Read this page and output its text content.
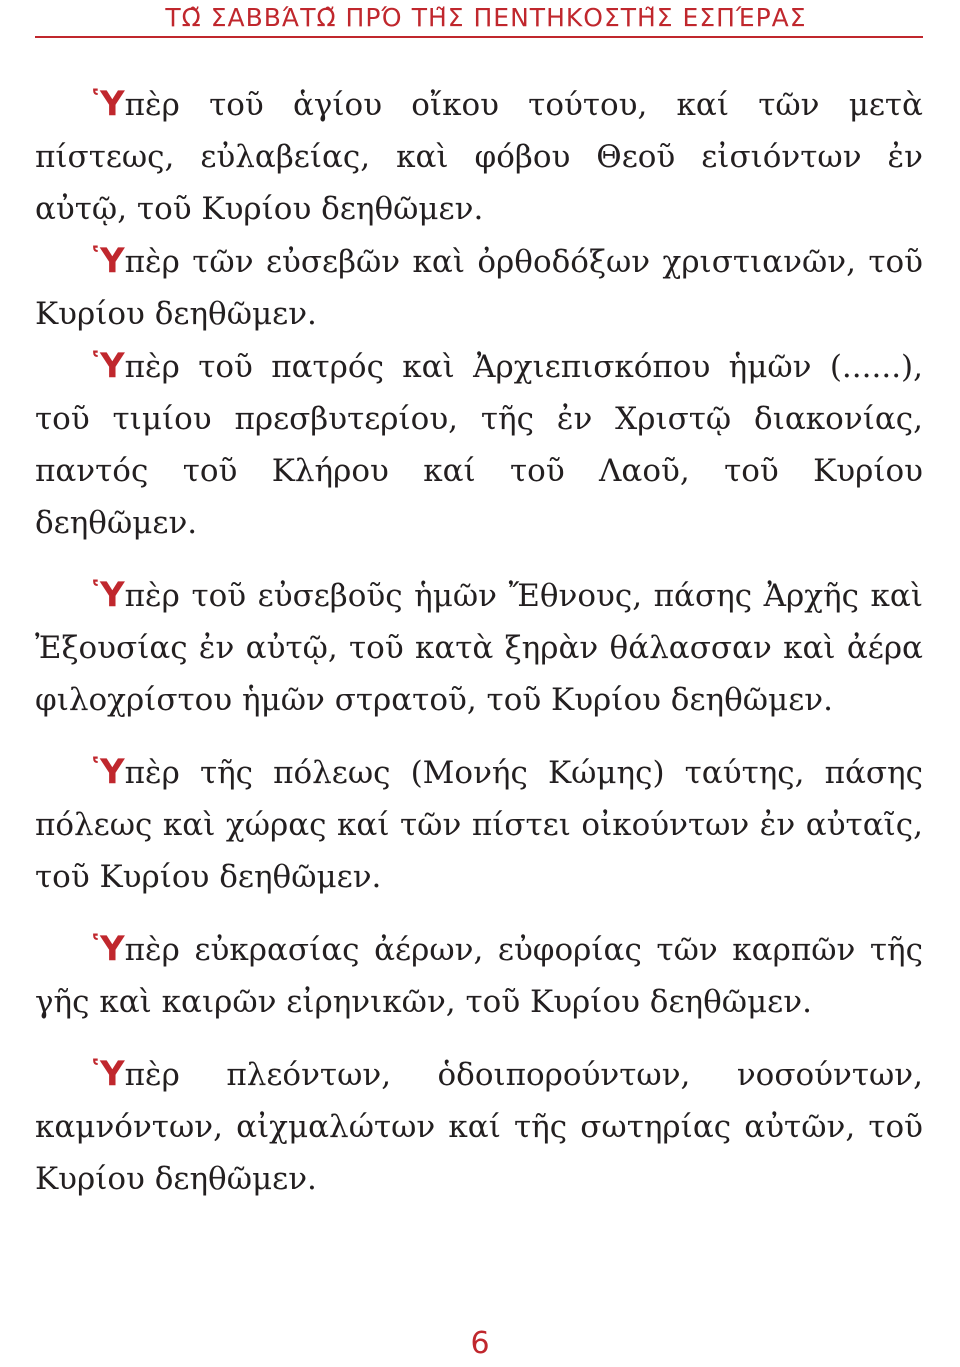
ΤΩ͂ ΣΑΒΒΆΤΩ͂ ΠΡΌ ΤΗ͂Σ ΠΕΝΤΗΚΟΣΤΗ͂Σ ΕΣΠΈΡΑΣ

Ὑπὲρ τοῦ ἁγίου οἴκου τούτου, καί τῶν μετὰ πίστεως, εὐλαβείας, καὶ φόβου Θεοῦ εἰσιόντων ἐν αὐτῷ, τοῦ Κυρίου δεηθῶμεν.

Ὑπὲρ τῶν εὐσεβῶν καὶ ὀρθοδόξων χριστιανῶν, τοῦ Κυρίου δεηθῶμεν.

Ὑπὲρ τοῦ πατρός καὶ Ἀρχιεπισκόπου ἡμῶν (......), τοῦ τιμίου πρεσβυτερίου, τῆς ἐν Χριστῷ διακονίας, παντός τοῦ Κλήρου καί τοῦ Λαοῦ, τοῦ Κυρίου δεηθῶμεν.

Ὑπὲρ τοῦ εὐσεβοῦς ἡμῶν Ἔθνους, πάσης Ἀρχῆς καὶ Ἐξουσίας ἐν αὐτῷ, τοῦ κατὰ ξηρὰν θάλασσαν καὶ ἀέρα φιλοχρίστου ἡμῶν στρατοῦ, τοῦ Κυρίου δεηθῶμεν.

Ὑπὲρ τῆς πόλεως (Μονής Κώμης) ταύτης, πάσης πόλεως καὶ χώρας καί τῶν πίστει οἰκούντων ἐν αὐταῖς, τοῦ Κυρίου δεηθῶμεν.

Ὑπὲρ εὐκρασίας ἀέρων, εὐφορίας τῶν καρπῶν τῆς γῆς καὶ καιρῶν εἰρηνικῶν, τοῦ Κυρίου δεηθῶμεν.

Ὑπὲρ πλεόντων, ὁδοιπορούντων, νοσούντων, καμνόντων, αἰχμαλώτων καί τῆς σωτηρίας αὐτῶν, τοῦ Κυρίου δεηθῶμεν.

6
